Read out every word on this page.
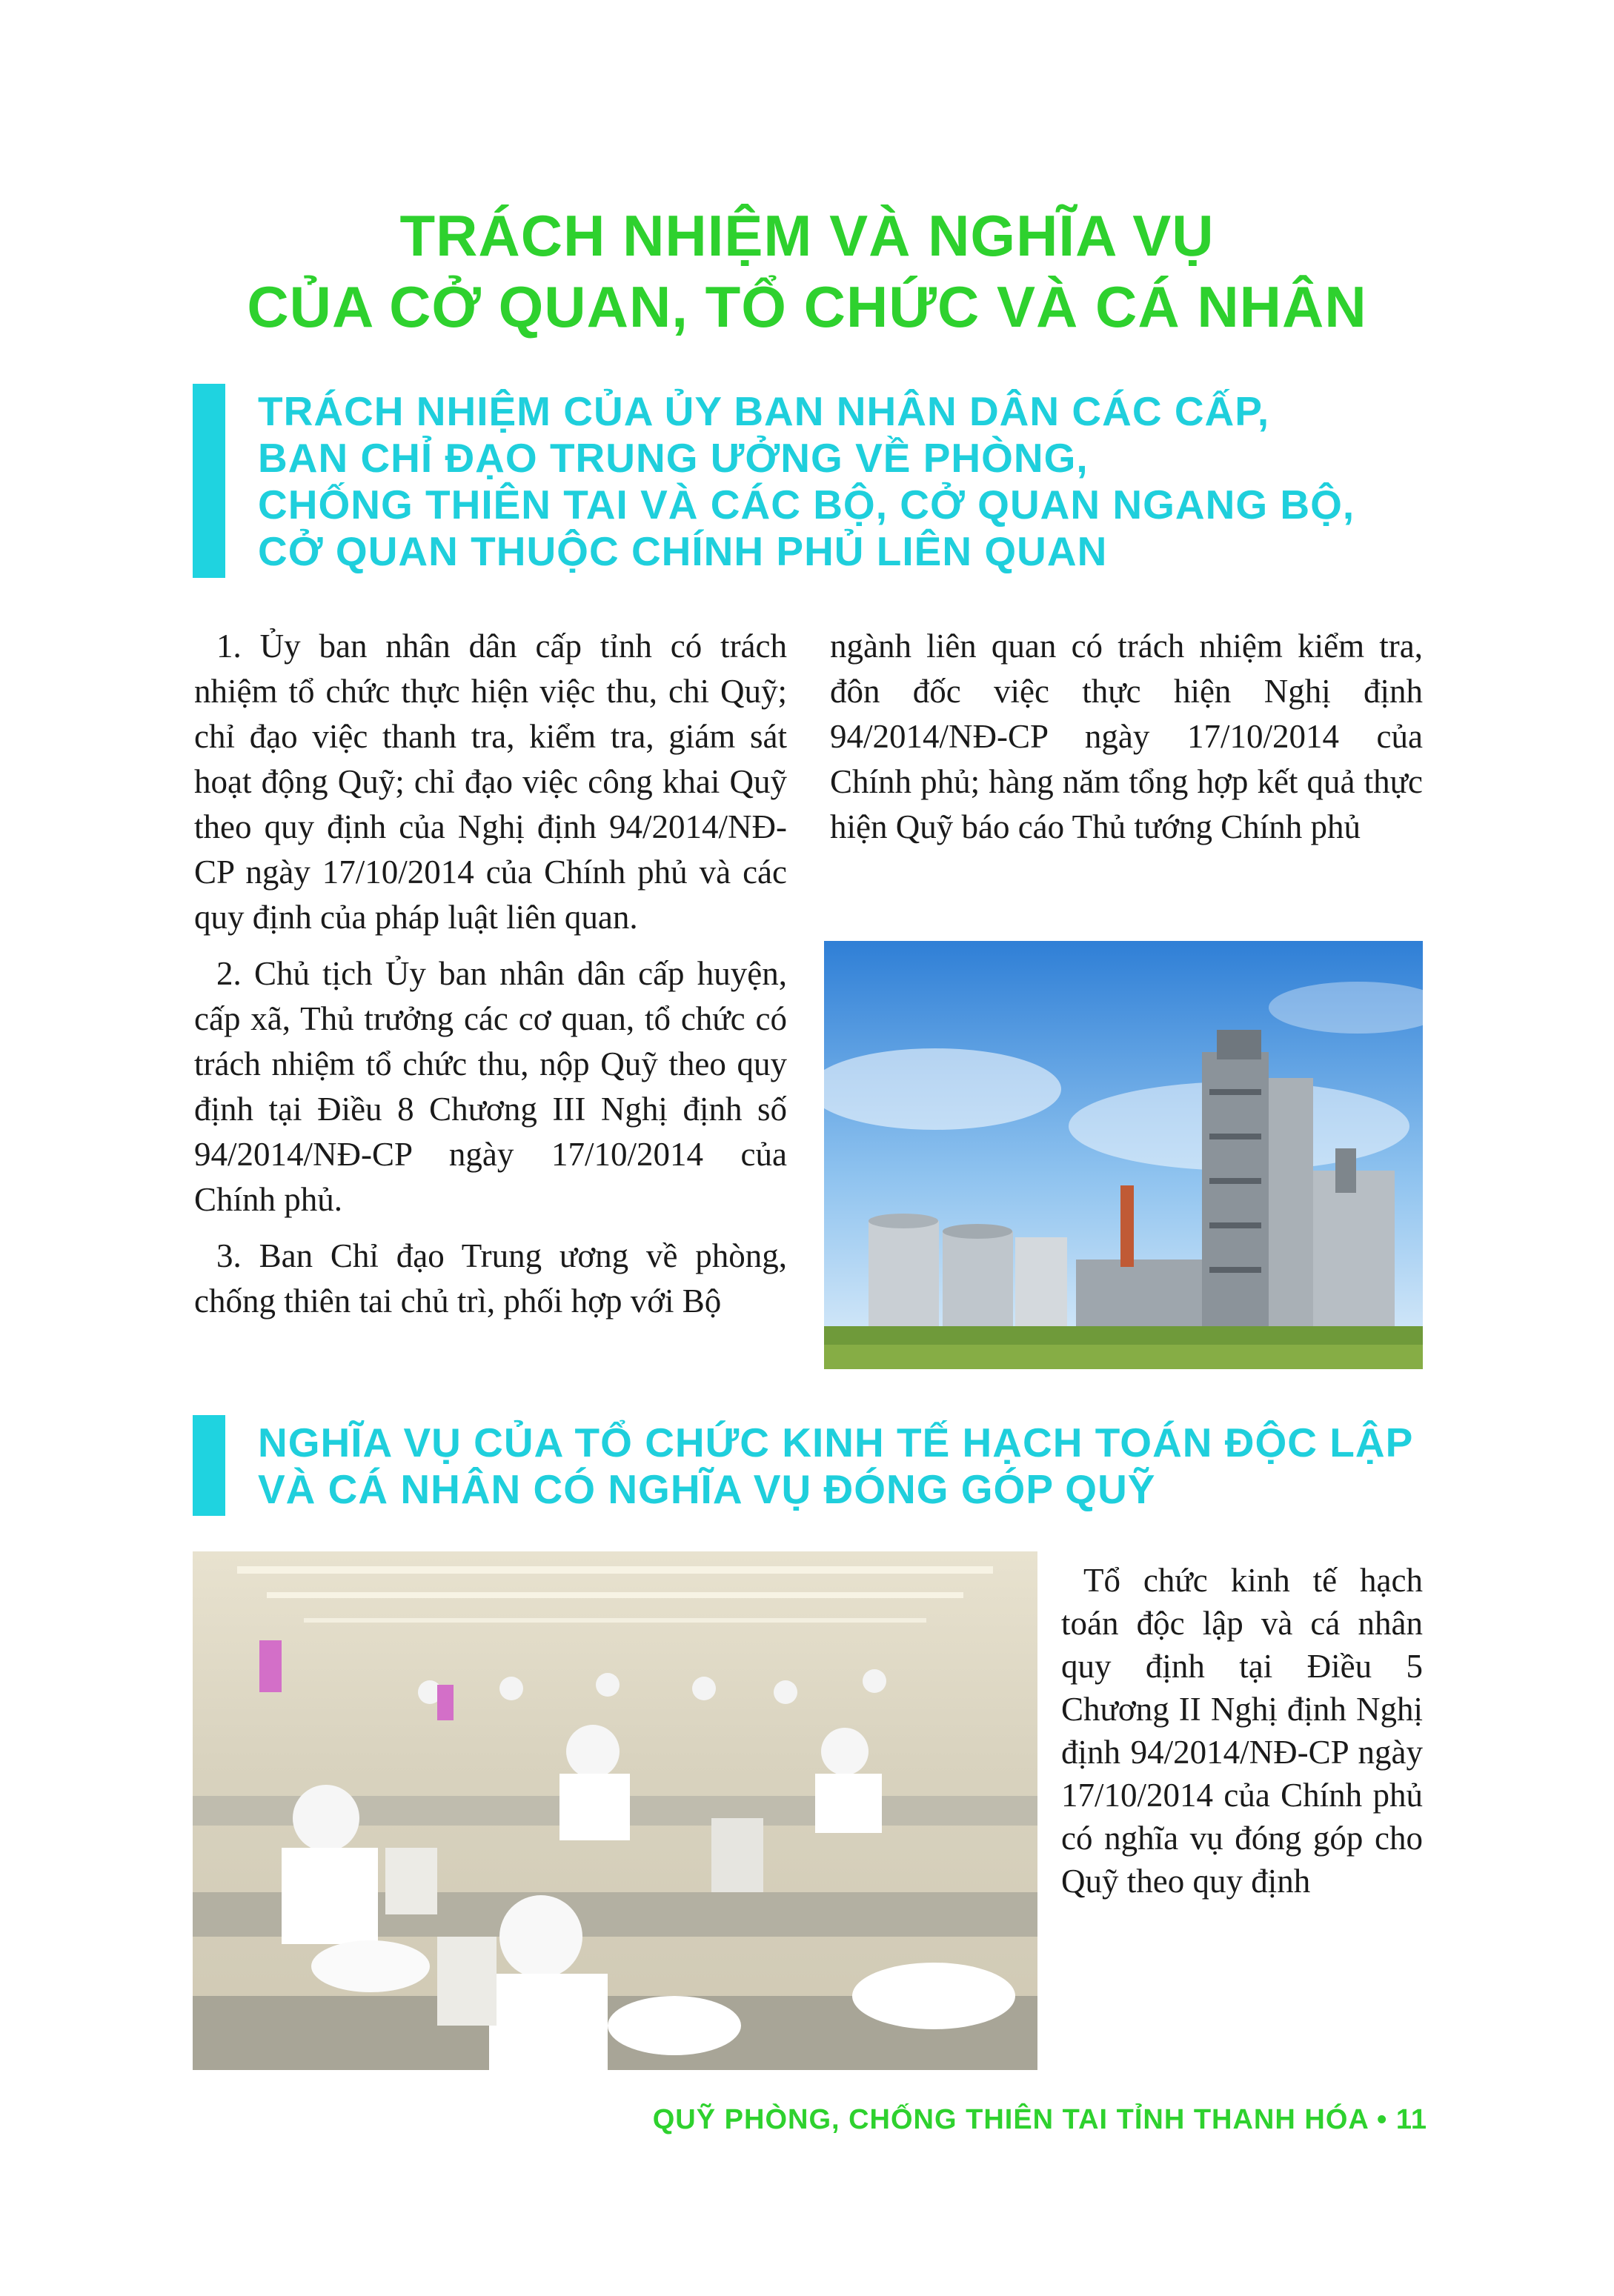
TRÁCH NHIỆM VÀ NGHĨA VỤ
CỦA CỞ QUAN, TỔ CHỨC VÀ CÁ NHÂN
TRÁCH NHIỆM CỦA ỦY BAN NHÂN DÂN CÁC CẤP,
BAN CHỈ ĐẠO TRUNG ƯỞNG VỀ PHÒNG,
CHỐNG THIÊN TAI VÀ CÁC BỘ, CỞ QUAN NGANG BỘ,
CỞ QUAN THUỘC CHÍNH PHỦ LIÊN QUAN

1. Ủy ban nhân dân cấp tỉnh có trách nhiệm tổ chức thực hiện việc thu, chi Quỹ; chỉ đạo việc thanh tra, kiểm tra, giám sát hoạt động Quỹ; chỉ đạo việc công khai Quỹ theo quy định của Nghị định 94/2014/NĐ-CP ngày 17/10/2014 của Chính phủ và các quy định của pháp luật liên quan.

2. Chủ tịch Ủy ban nhân dân cấp huyện, cấp xã, Thủ trưởng các cơ quan, tổ chức có trách nhiệm tổ chức thu, nộp Quỹ theo quy định tại Điều 8 Chương III Nghị định số 94/2014/NĐ-CP ngày 17/10/2014 của Chính phủ.

3. Ban Chỉ đạo Trung ương về phòng, chống thiên tai chủ trì, phối hợp với Bộ

ngành liên quan có trách nhiệm kiểm tra, đôn đốc việc thực hiện Nghị định 94/2014/NĐ-CP ngày 17/10/2014 của Chính phủ; hàng năm tổng hợp kết quả thực hiện Quỹ báo cáo Thủ tướng Chính phủ

NGHĨA VỤ CỦA TỔ CHỨC KINH TẾ HẠCH TOÁN ĐỘC LẬP
VÀ CÁ NHÂN CÓ NGHĨA VỤ ĐÓNG GÓP QUỸ

Tổ chức kinh tế hạch toán độc lập và cá nhân quy định tại Điều 5 Chương II Nghị định Nghị định 94/2014/NĐ-CP ngày 17/10/2014 của Chính phủ có nghĩa vụ đóng góp cho Quỹ theo quy định

QUỸ PHÒNG, CHỐNG THIÊN TAI TỈNH THANH HÓA • 11
